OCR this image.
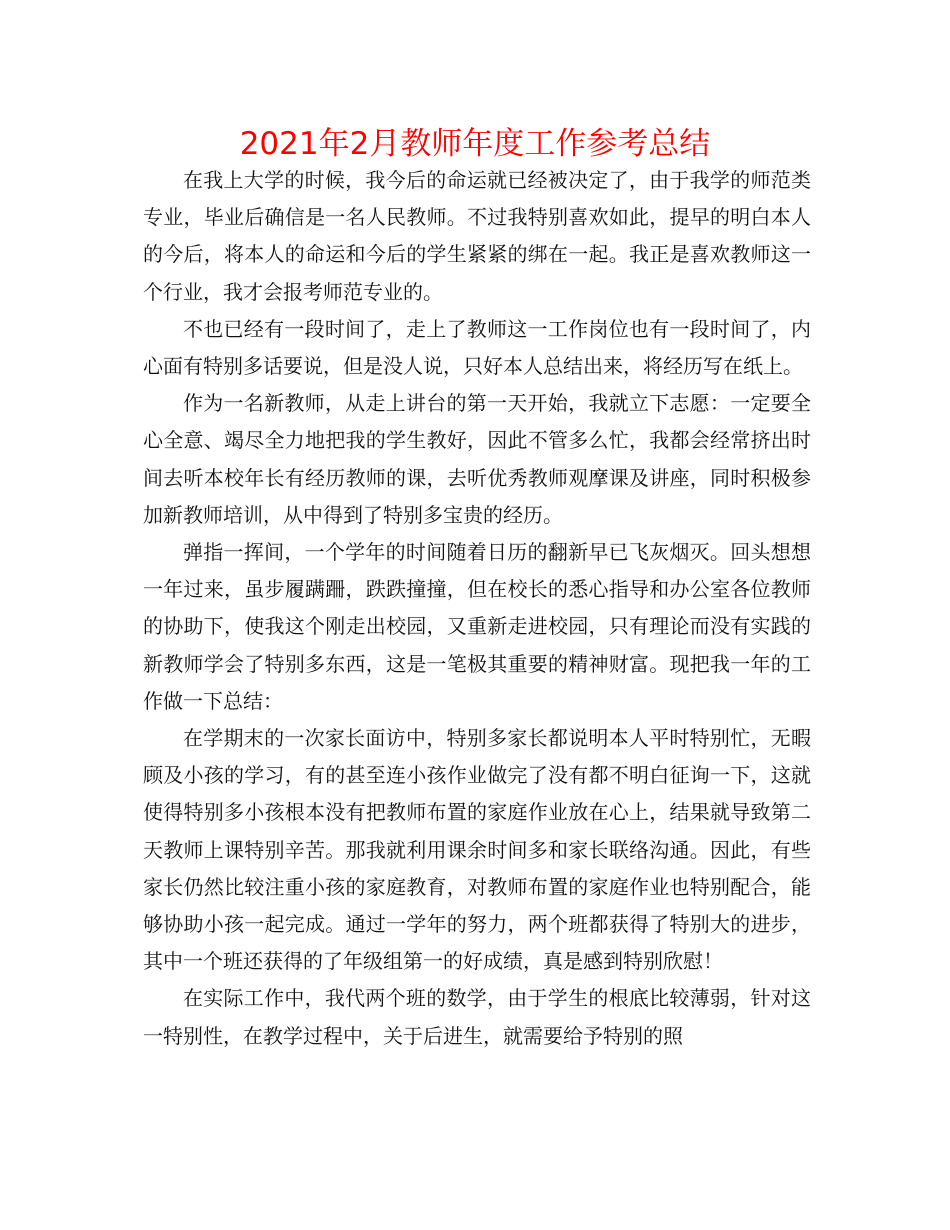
2021年2月教师年度工作参考总结

在我上大学的时候，我今后的命运就已经被决定了，由于我学的师范类专业，毕业后确信是一名人民教师。不过我特别喜欢如此，提早的明白本人的今后，将本人的命运和今后的学生紧紧的绑在一起。我正是喜欢教师这一个行业，我才会报考师范专业的。

不也已经有一段时间了，走上了教师这一工作岗位也有一段时间了，内心面有特别多话要说，但是没人说，只好本人总结出来，将经历写在纸上。

作为一名新教师，从走上讲台的第一天开始，我就立下志愿：一定要全心全意、竭尽全力地把我的学生教好，因此不管多么忙，我都会经常挤出时间去听本校年长有经历教师的课，去听优秀教师观摩课及讲座，同时积极参加新教师培训，从中得到了特别多宝贵的经历。

弹指一挥间，一个学年的时间随着日历的翻新早已飞灰烟灭。回头想想一年过来，虽步履蹒跚，跌跌撞撞，但在校长的悉心指导和办公室各位教师的协助下，使我这个刚走出校园，又重新走进校园，只有理论而没有实践的新教师学会了特别多东西，这是一笔极其重要的精神财富。现把我一年的工作做一下总结：

在学期末的一次家长面访中，特别多家长都说明本人平时特别忙，无暇顾及小孩的学习，有的甚至连小孩作业做完了没有都不明白征询一下，这就使得特别多小孩根本没有把教师布置的家庭作业放在心上，结果就导致第二天教师上课特别辛苦。那我就利用课余时间多和家长联络沟通。因此，有些家长仍然比较注重小孩的家庭教育，对教师布置的家庭作业也特别配合，能够协助小孩一起完成。通过一学年的努力，两个班都获得了特别大的进步，其中一个班还获得的了年级组第一的好成绩，真是感到特别欣慰！

在实际工作中，我代两个班的数学，由于学生的根底比较薄弱，针对这一特别性，在教学过程中，关于后进生，就需要给予特别的照
